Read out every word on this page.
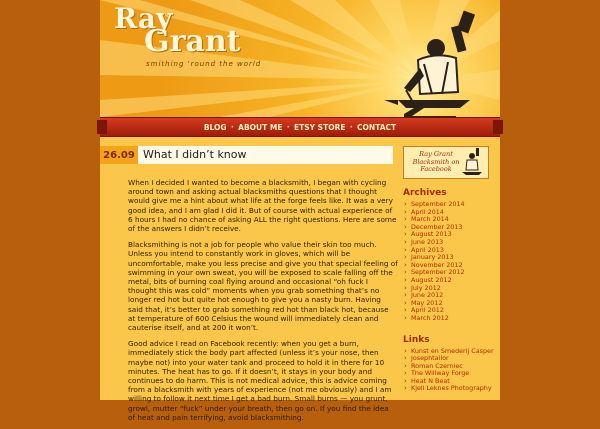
Ray
Grant
smithing 'round the world
BLOG • ABOUT ME • ETSY STORE • CONTACT
26.09 What I didn’t know

When I decided I wanted to become a blacksmith, I began with cycling around town and asking actual blacksmiths questions that I thought would give me a hint about what life at the forge feels like. It was a very good idea, and I am glad I did it. But of course with actual experience of 6 hours I had no chance of asking ALL the right questions. Here are some of the answers I didn’t receive.

Blacksmithing is not a job for people who value their skin too much. Unless you intend to constantly work in gloves, which will be uncomfortable, make you less precise and give you that special feeling of swimming in your own sweat, you will be exposed to scale falling off the metal, bits of burning coal flying around and occasional “oh fuck I thought this was cold” moments when you grab something that’s no longer red hot but quite hot enough to give you a nasty burn. Having said that, it’s better to grab something red hot than black hot, because at temperature of 600 Celsius the wound will immediately clean and cauterise itself, and at 200 it won’t.

Good advice I read on Facebook recently: when you get a burn, immediately stick the body part affected (unless it’s your nose, then maybe not) into your water tank and proceed to hold it in there for 10 minutes. The heat has to go. If it doesn’t, it stays in your body and continues to do harm. This is not medical advice, this is advice coming from a blacksmith with years of experience (not me obviously) and I am willing to follow it next time I get a bad burn. Small burns — you grunt, growl, mutter “fuck” under your breath, then go on. If you find the idea of heat and pain terrifying, avoid blacksmithing.

Ray Grant Blacksmith on Facebook
Archives
› September 2014
› April 2014
› March 2014
› December 2013
› August 2013
› June 2013
› April 2013
› January 2013
› November 2012
› September 2012
› August 2012
› July 2012
› June 2012
› May 2012
› April 2012
› March 2012
Links
› Kunst en Smederij Casper
› Josephtailor
› Roman Czerniec
› The Willway Forge
› Heat N Beat
› Kjell Leknes Photography
